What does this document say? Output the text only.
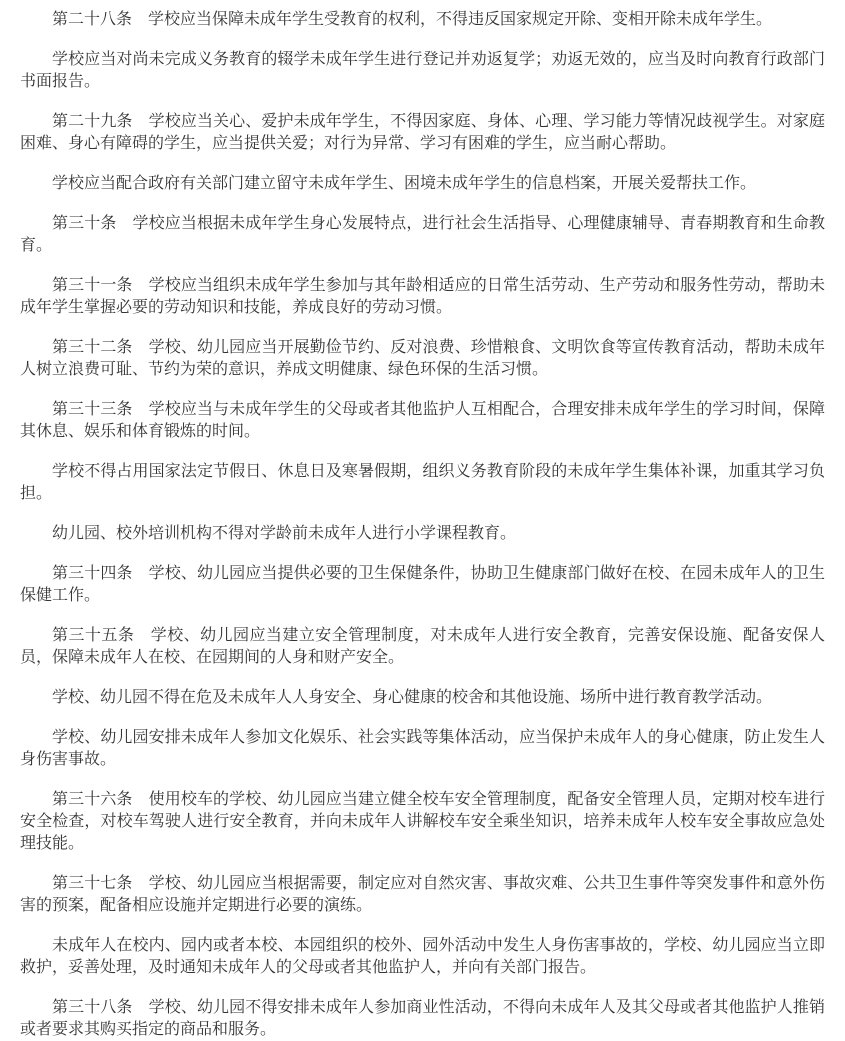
第二十八条　学校应当保障未成年学生受教育的权利，不得违反国家规定开除、变相开除未成年学生。

学校应当对尚未完成义务教育的辍学未成年学生进行登记并劝返复学；劝返无效的，应当及时向教育行政部门书面报告。

第二十九条　学校应当关心、爱护未成年学生，不得因家庭、身体、心理、学习能力等情况歧视学生。对家庭困难、身心有障碍的学生，应当提供关爱；对行为异常、学习有困难的学生，应当耐心帮助。

学校应当配合政府有关部门建立留守未成年学生、困境未成年学生的信息档案，开展关爱帮扶工作。

第三十条　学校应当根据未成年学生身心发展特点，进行社会生活指导、心理健康辅导、青春期教育和生命教育。

第三十一条　学校应当组织未成年学生参加与其年龄相适应的日常生活劳动、生产劳动和服务性劳动，帮助未成年学生掌握必要的劳动知识和技能，养成良好的劳动习惯。

第三十二条　学校、幼儿园应当开展勤俭节约、反对浪费、珍惜粮食、文明饮食等宣传教育活动，帮助未成年人树立浪费可耻、节约为荣的意识，养成文明健康、绿色环保的生活习惯。

第三十三条　学校应当与未成年学生的父母或者其他监护人互相配合，合理安排未成年学生的学习时间，保障其休息、娱乐和体育锻炼的时间。

学校不得占用国家法定节假日、休息日及寒暑假期，组织义务教育阶段的未成年学生集体补课，加重其学习负担。

幼儿园、校外培训机构不得对学龄前未成年人进行小学课程教育。

第三十四条　学校、幼儿园应当提供必要的卫生保健条件，协助卫生健康部门做好在校、在园未成年人的卫生保健工作。

第三十五条　学校、幼儿园应当建立安全管理制度，对未成年人进行安全教育，完善安保设施、配备安保人员，保障未成年人在校、在园期间的人身和财产安全。

学校、幼儿园不得在危及未成年人人身安全、身心健康的校舍和其他设施、场所中进行教育教学活动。

学校、幼儿园安排未成年人参加文化娱乐、社会实践等集体活动，应当保护未成年人的身心健康，防止发生人身伤害事故。

第三十六条　使用校车的学校、幼儿园应当建立健全校车安全管理制度，配备安全管理人员，定期对校车进行安全检查，对校车驾驶人进行安全教育，并向未成年人讲解校车安全乘坐知识，培养未成年人校车安全事故应急处理技能。

第三十七条　学校、幼儿园应当根据需要，制定应对自然灾害、事故灾难、公共卫生事件等突发事件和意外伤害的预案，配备相应设施并定期进行必要的演练。

未成年人在校内、园内或者本校、本园组织的校外、园外活动中发生人身伤害事故的，学校、幼儿园应当立即救护，妥善处理，及时通知未成年人的父母或者其他监护人，并向有关部门报告。

第三十八条　学校、幼儿园不得安排未成年人参加商业性活动，不得向未成年人及其父母或者其他监护人推销或者要求其购买指定的商品和服务。
